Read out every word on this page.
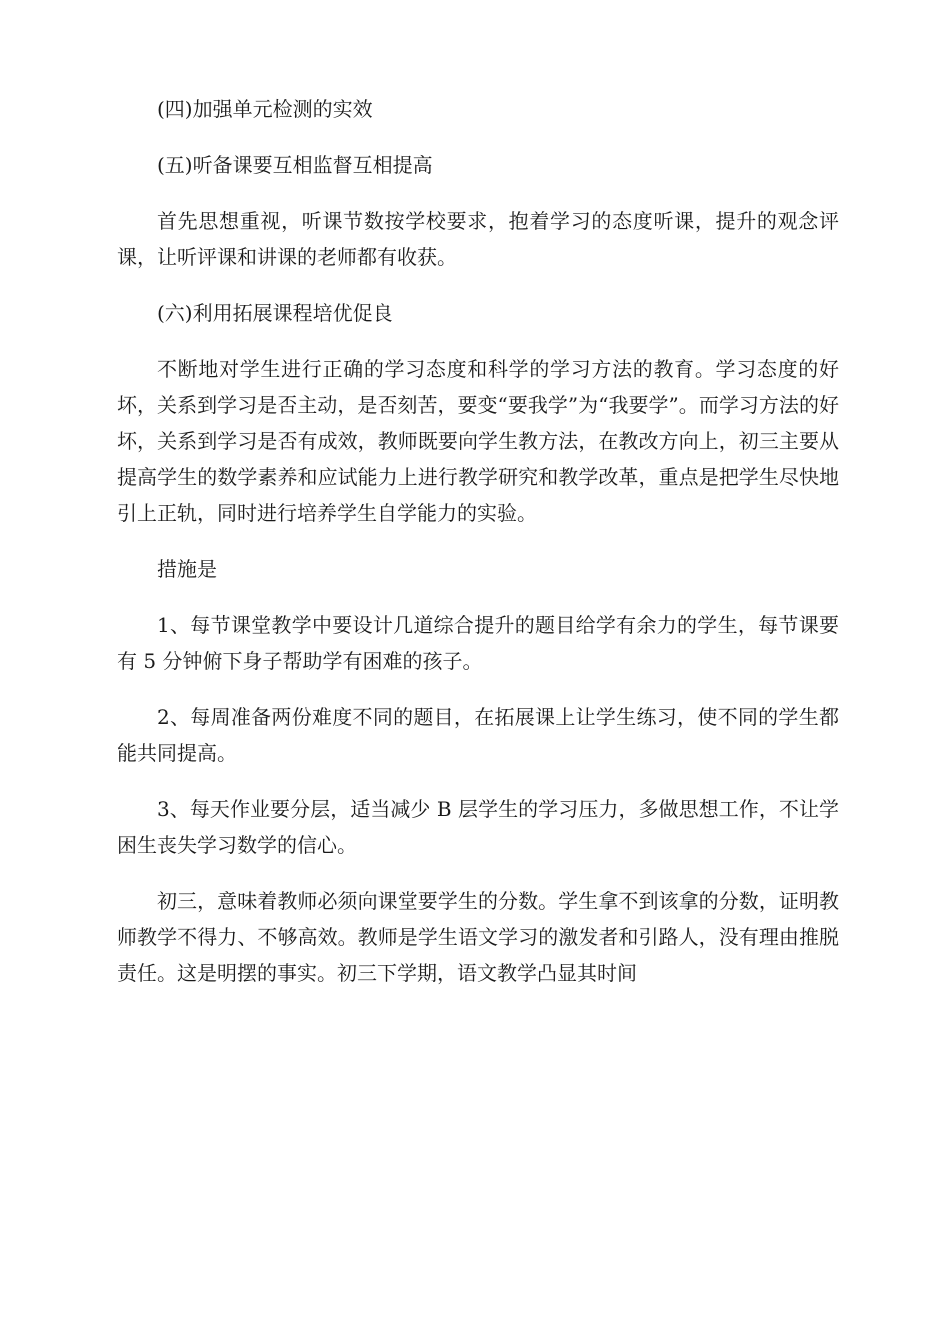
(四)加强单元检测的实效

(五)听备课要互相监督互相提高

首先思想重视，听课节数按学校要求，抱着学习的态度听课，提升的观念评课，让听评课和讲课的老师都有收获。

(六)利用拓展课程培优促良

不断地对学生进行正确的学习态度和科学的学习方法的教育。学习态度的好坏，关系到学习是否主动，是否刻苦，要变“要我学”为“我要学”。而学习方法的好坏，关系到学习是否有成效，教师既要向学生教方法，在教改方向上，初三主要从提高学生的数学素养和应试能力上进行教学研究和教学改革，重点是把学生尽快地引上正轨，同时进行培养学生自学能力的实验。

措施是

1、每节课堂教学中要设计几道综合提升的题目给学有余力的学生，每节课要有 5 分钟俯下身子帮助学有困难的孩子。

2、每周准备两份难度不同的题目，在拓展课上让学生练习，使不同的学生都能共同提高。

3、每天作业要分层，适当减少 B 层学生的学习压力，多做思想工作，不让学困生丧失学习数学的信心。

初三，意味着教师必须向课堂要学生的分数。学生拿不到该拿的分数，证明教师教学不得力、不够高效。教师是学生语文学习的激发者和引路人，没有理由推脱责任。这是明摆的事实。初三下学期，语文教学凸显其时间
